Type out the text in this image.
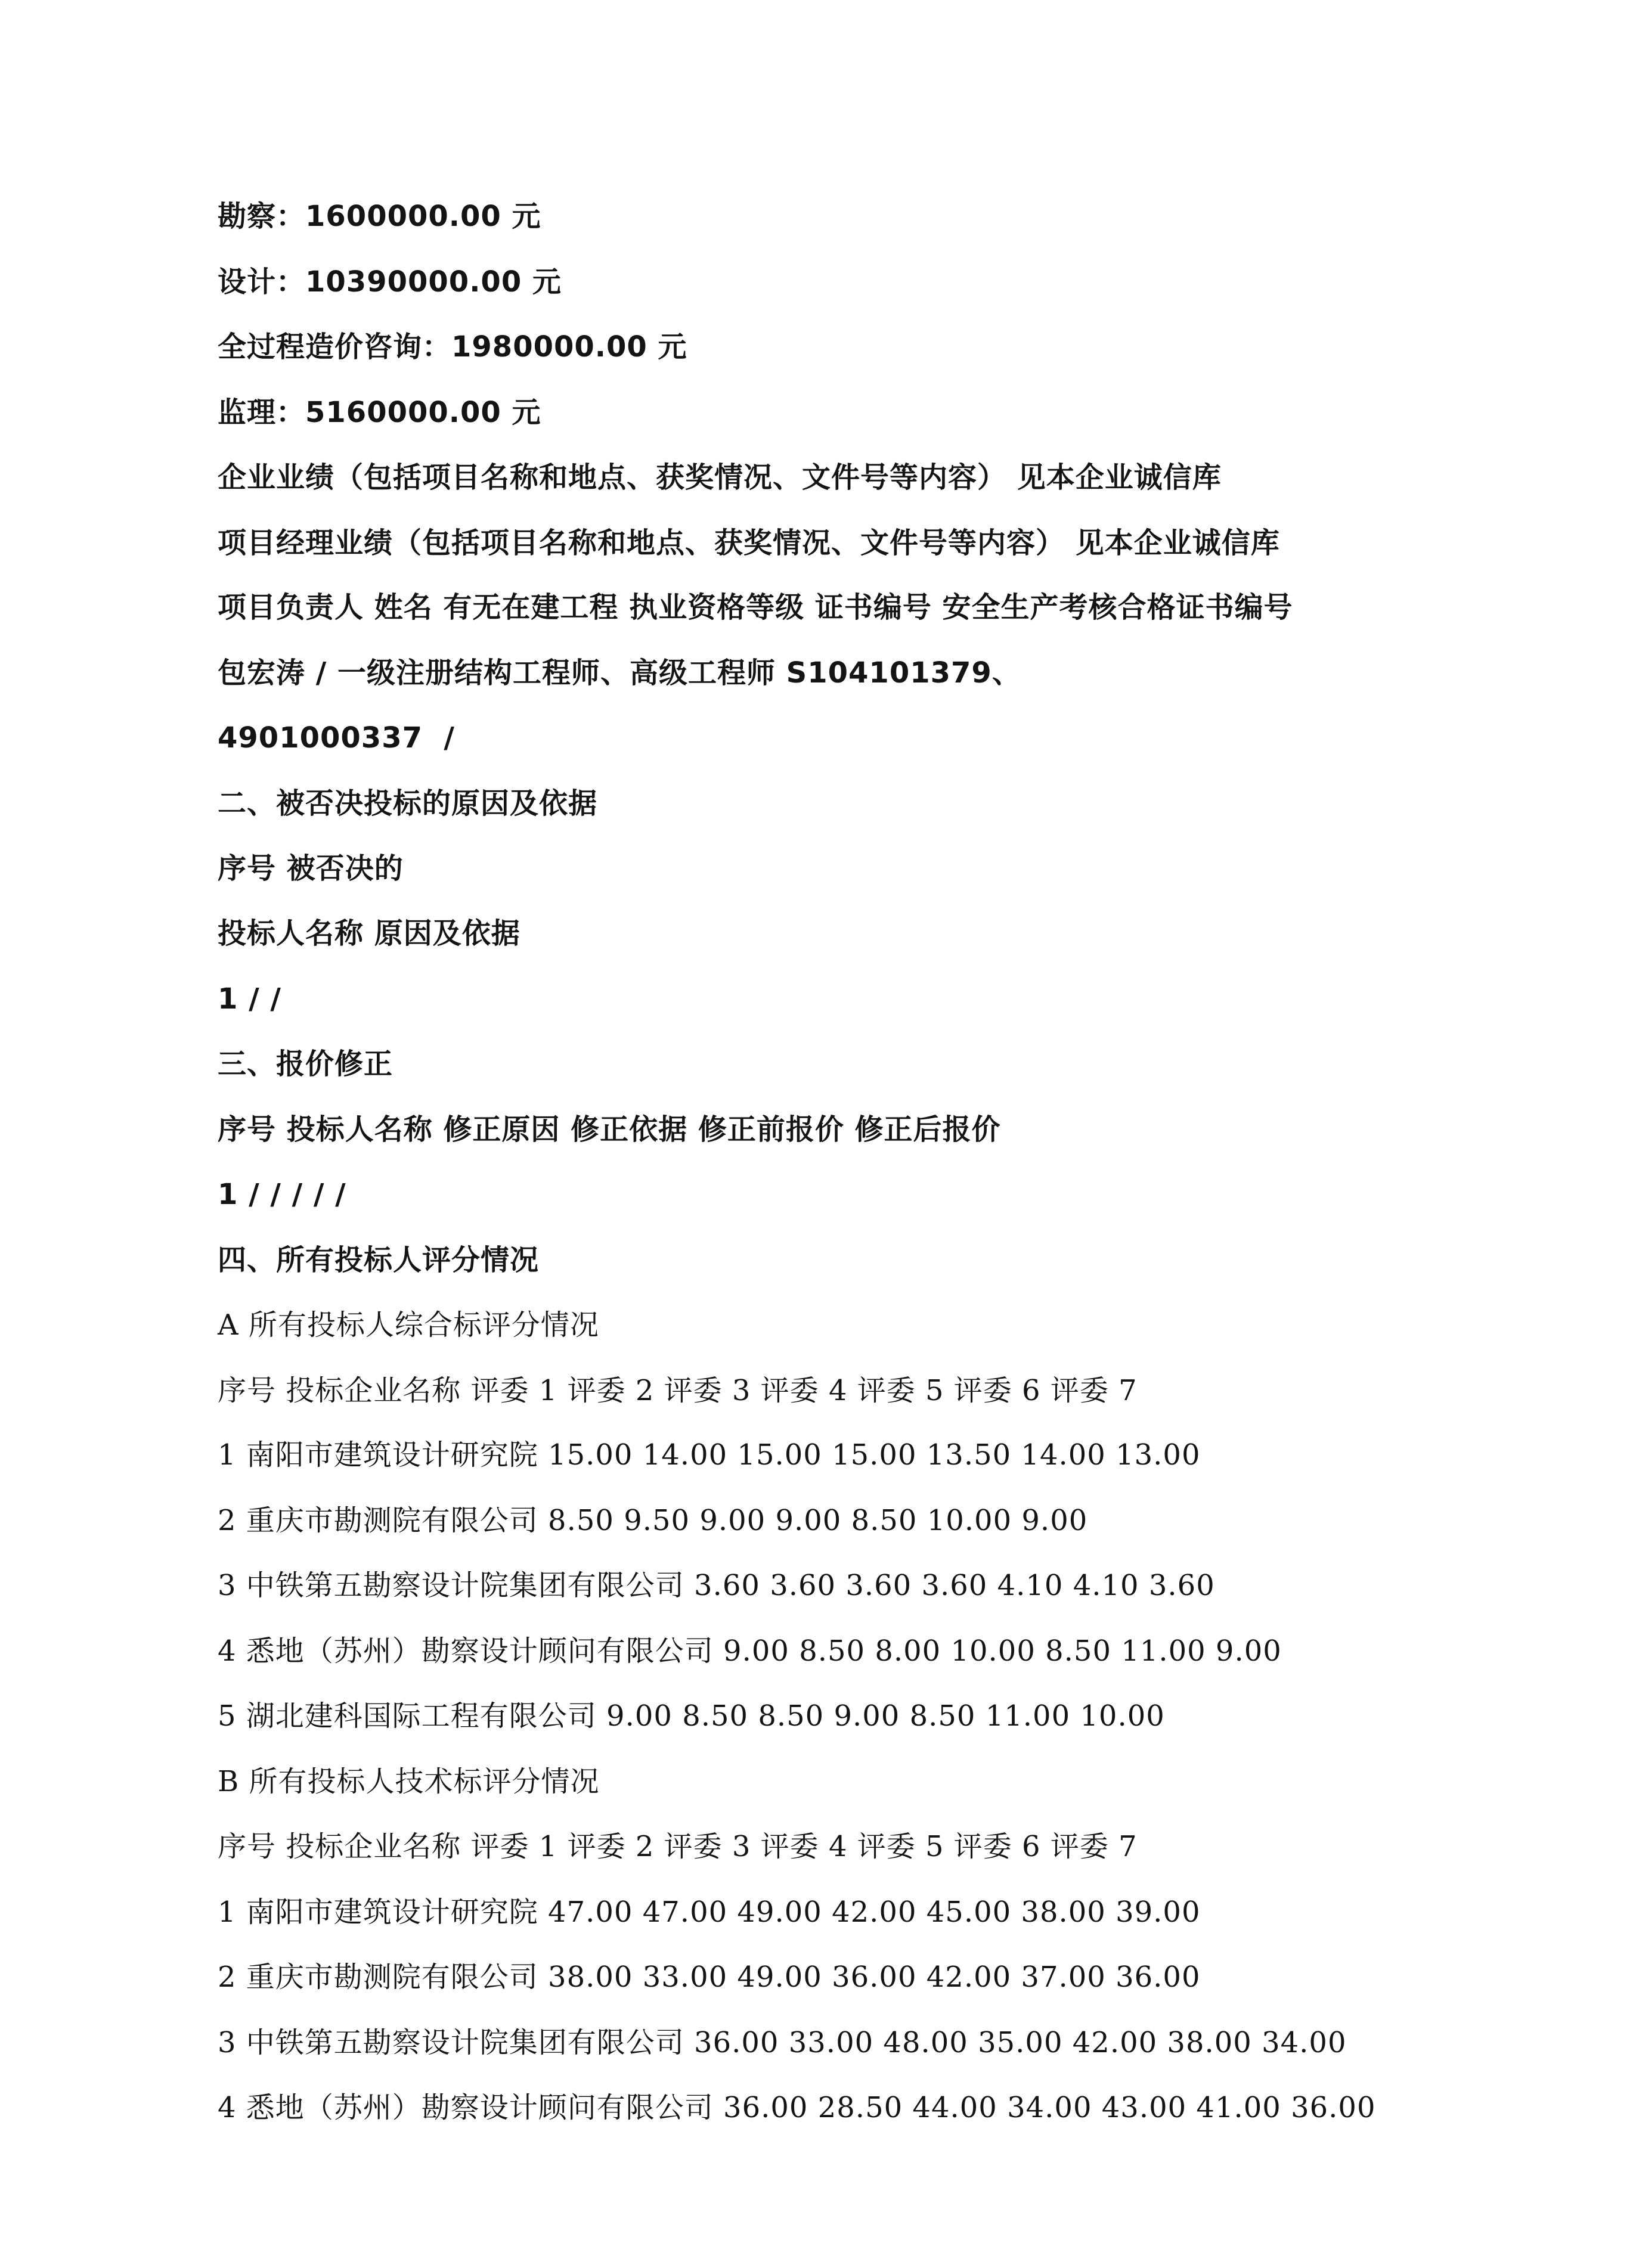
勘察：1600000.00 元

设计：10390000.00 元

全过程造价咨询：1980000.00 元

监理：5160000.00 元

企业业绩（包括项目名称和地点、获奖情况、文件号等内容） 见本企业诚信库

项目经理业绩（包括项目名称和地点、获奖情况、文件号等内容） 见本企业诚信库

项目负责人 姓名 有无在建工程 执业资格等级 证书编号 安全生产考核合格证书编号

包宏涛 / 一级注册结构工程师、高级工程师 S104101379、

4901000337  /

二、被否决投标的原因及依据

序号 被否决的

投标人名称 原因及依据

1 / /

三、报价修正

序号 投标人名称 修正原因 修正依据 修正前报价 修正后报价

1 / / / / /

四、所有投标人评分情况

A 所有投标人综合标评分情况

序号 投标企业名称 评委 1 评委 2 评委 3 评委 4 评委 5 评委 6 评委 7

1 南阳市建筑设计研究院 15.00 14.00 15.00 15.00 13.50 14.00 13.00

2 重庆市勘测院有限公司 8.50 9.50 9.00 9.00 8.50 10.00 9.00

3 中铁第五勘察设计院集团有限公司 3.60 3.60 3.60 3.60 4.10 4.10 3.60

4 悉地（苏州）勘察设计顾问有限公司 9.00 8.50 8.00 10.00 8.50 11.00 9.00

5 湖北建科国际工程有限公司 9.00 8.50 8.50 9.00 8.50 11.00 10.00

B 所有投标人技术标评分情况

序号 投标企业名称 评委 1 评委 2 评委 3 评委 4 评委 5 评委 6 评委 7

1 南阳市建筑设计研究院 47.00 47.00 49.00 42.00 45.00 38.00 39.00

2 重庆市勘测院有限公司 38.00 33.00 49.00 36.00 42.00 37.00 36.00

3 中铁第五勘察设计院集团有限公司 36.00 33.00 48.00 35.00 42.00 38.00 34.00

4 悉地（苏州）勘察设计顾问有限公司 36.00 28.50 44.00 34.00 43.00 41.00 36.00
